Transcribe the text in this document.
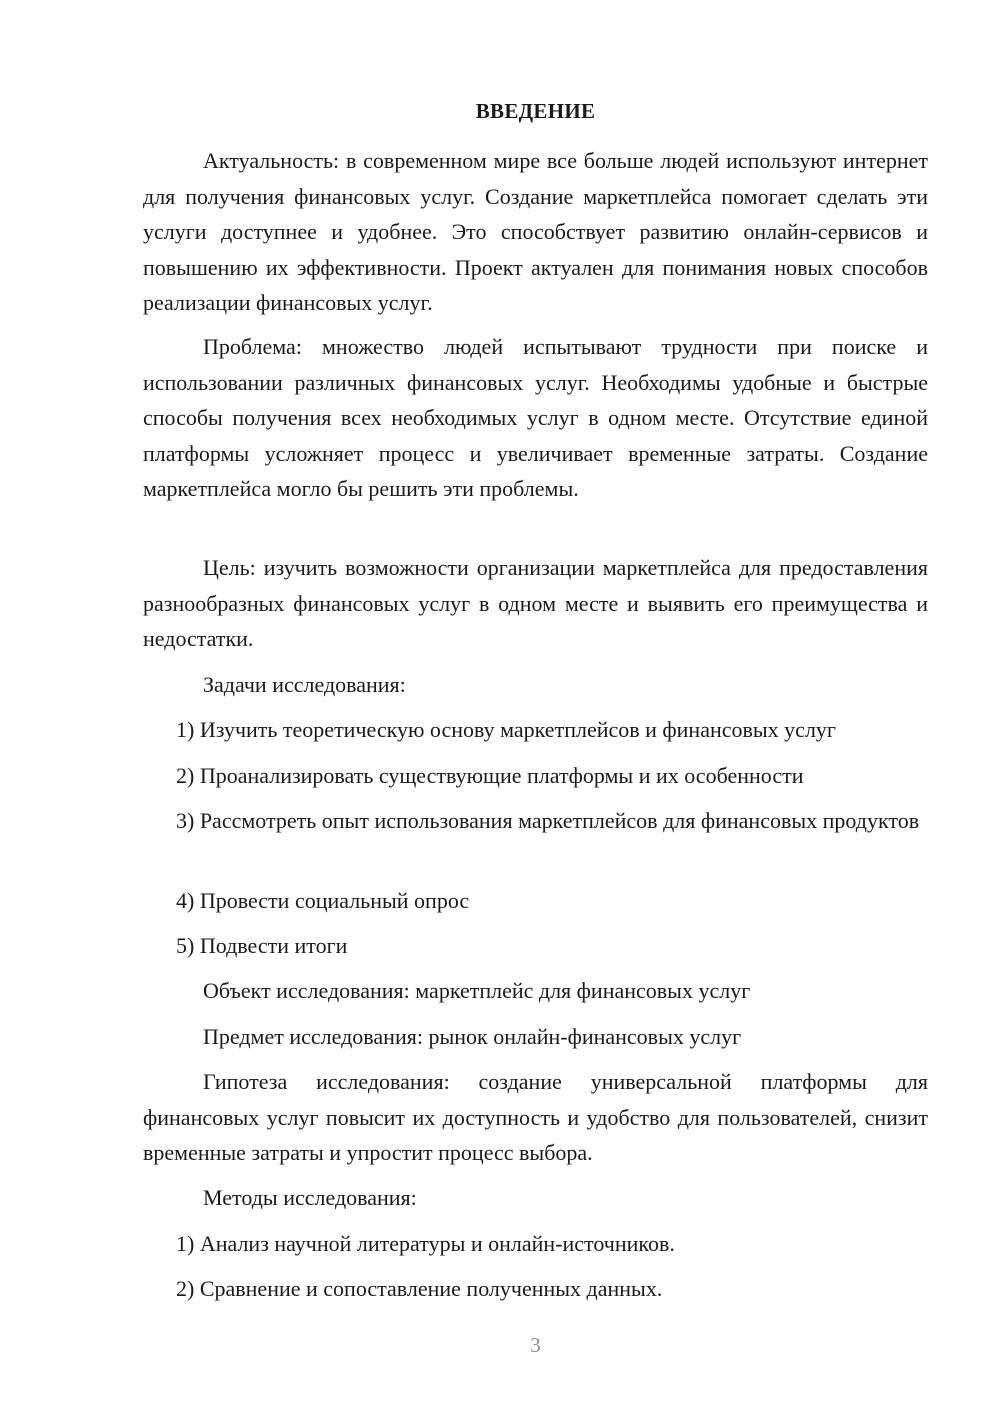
ВВЕДЕНИЕ

Актуальность: в современном мире все больше людей используют интернет для получения финансовых услуг. Создание маркетплейса помогает сделать эти услуги доступнее и удобнее. Это способствует развитию онлайн-сервисов и повышению их эффективности. Проект актуален для понимания новых способов реализации финансовых услуг.

Проблема: множество людей испытывают трудности при поиске и использовании различных финансовых услуг. Необходимы удобные и быстрые способы получения всех необходимых услуг в одном месте. Отсутствие единой платформы усложняет процесс и увеличивает временные затраты. Создание маркетплейса могло бы решить эти проблемы.

Цель: изучить возможности организации маркетплейса для предоставления разнообразных финансовых услуг в одном месте и выявить его преимущества и недостатки.

Задачи исследования:

1) Изучить теоретическую основу маркетплейсов и финансовых услуг

2) Проанализировать существующие платформы и их особенности

3) Рассмотреть опыт использования маркетплейсов для финансовых продуктов

4) Провести социальный опрос

5) Подвести итоги

Объект исследования: маркетплейс для финансовых услуг

Предмет исследования: рынок онлайн-финансовых услуг

Гипотеза исследования: создание универсальной платформы для финансовых услуг повысит их доступность и удобство для пользователей, снизит временные затраты и упростит процесс выбора.

Методы исследования:

1) Анализ научной литературы и онлайн-источников.

2) Сравнение и сопоставление полученных данных.

3
